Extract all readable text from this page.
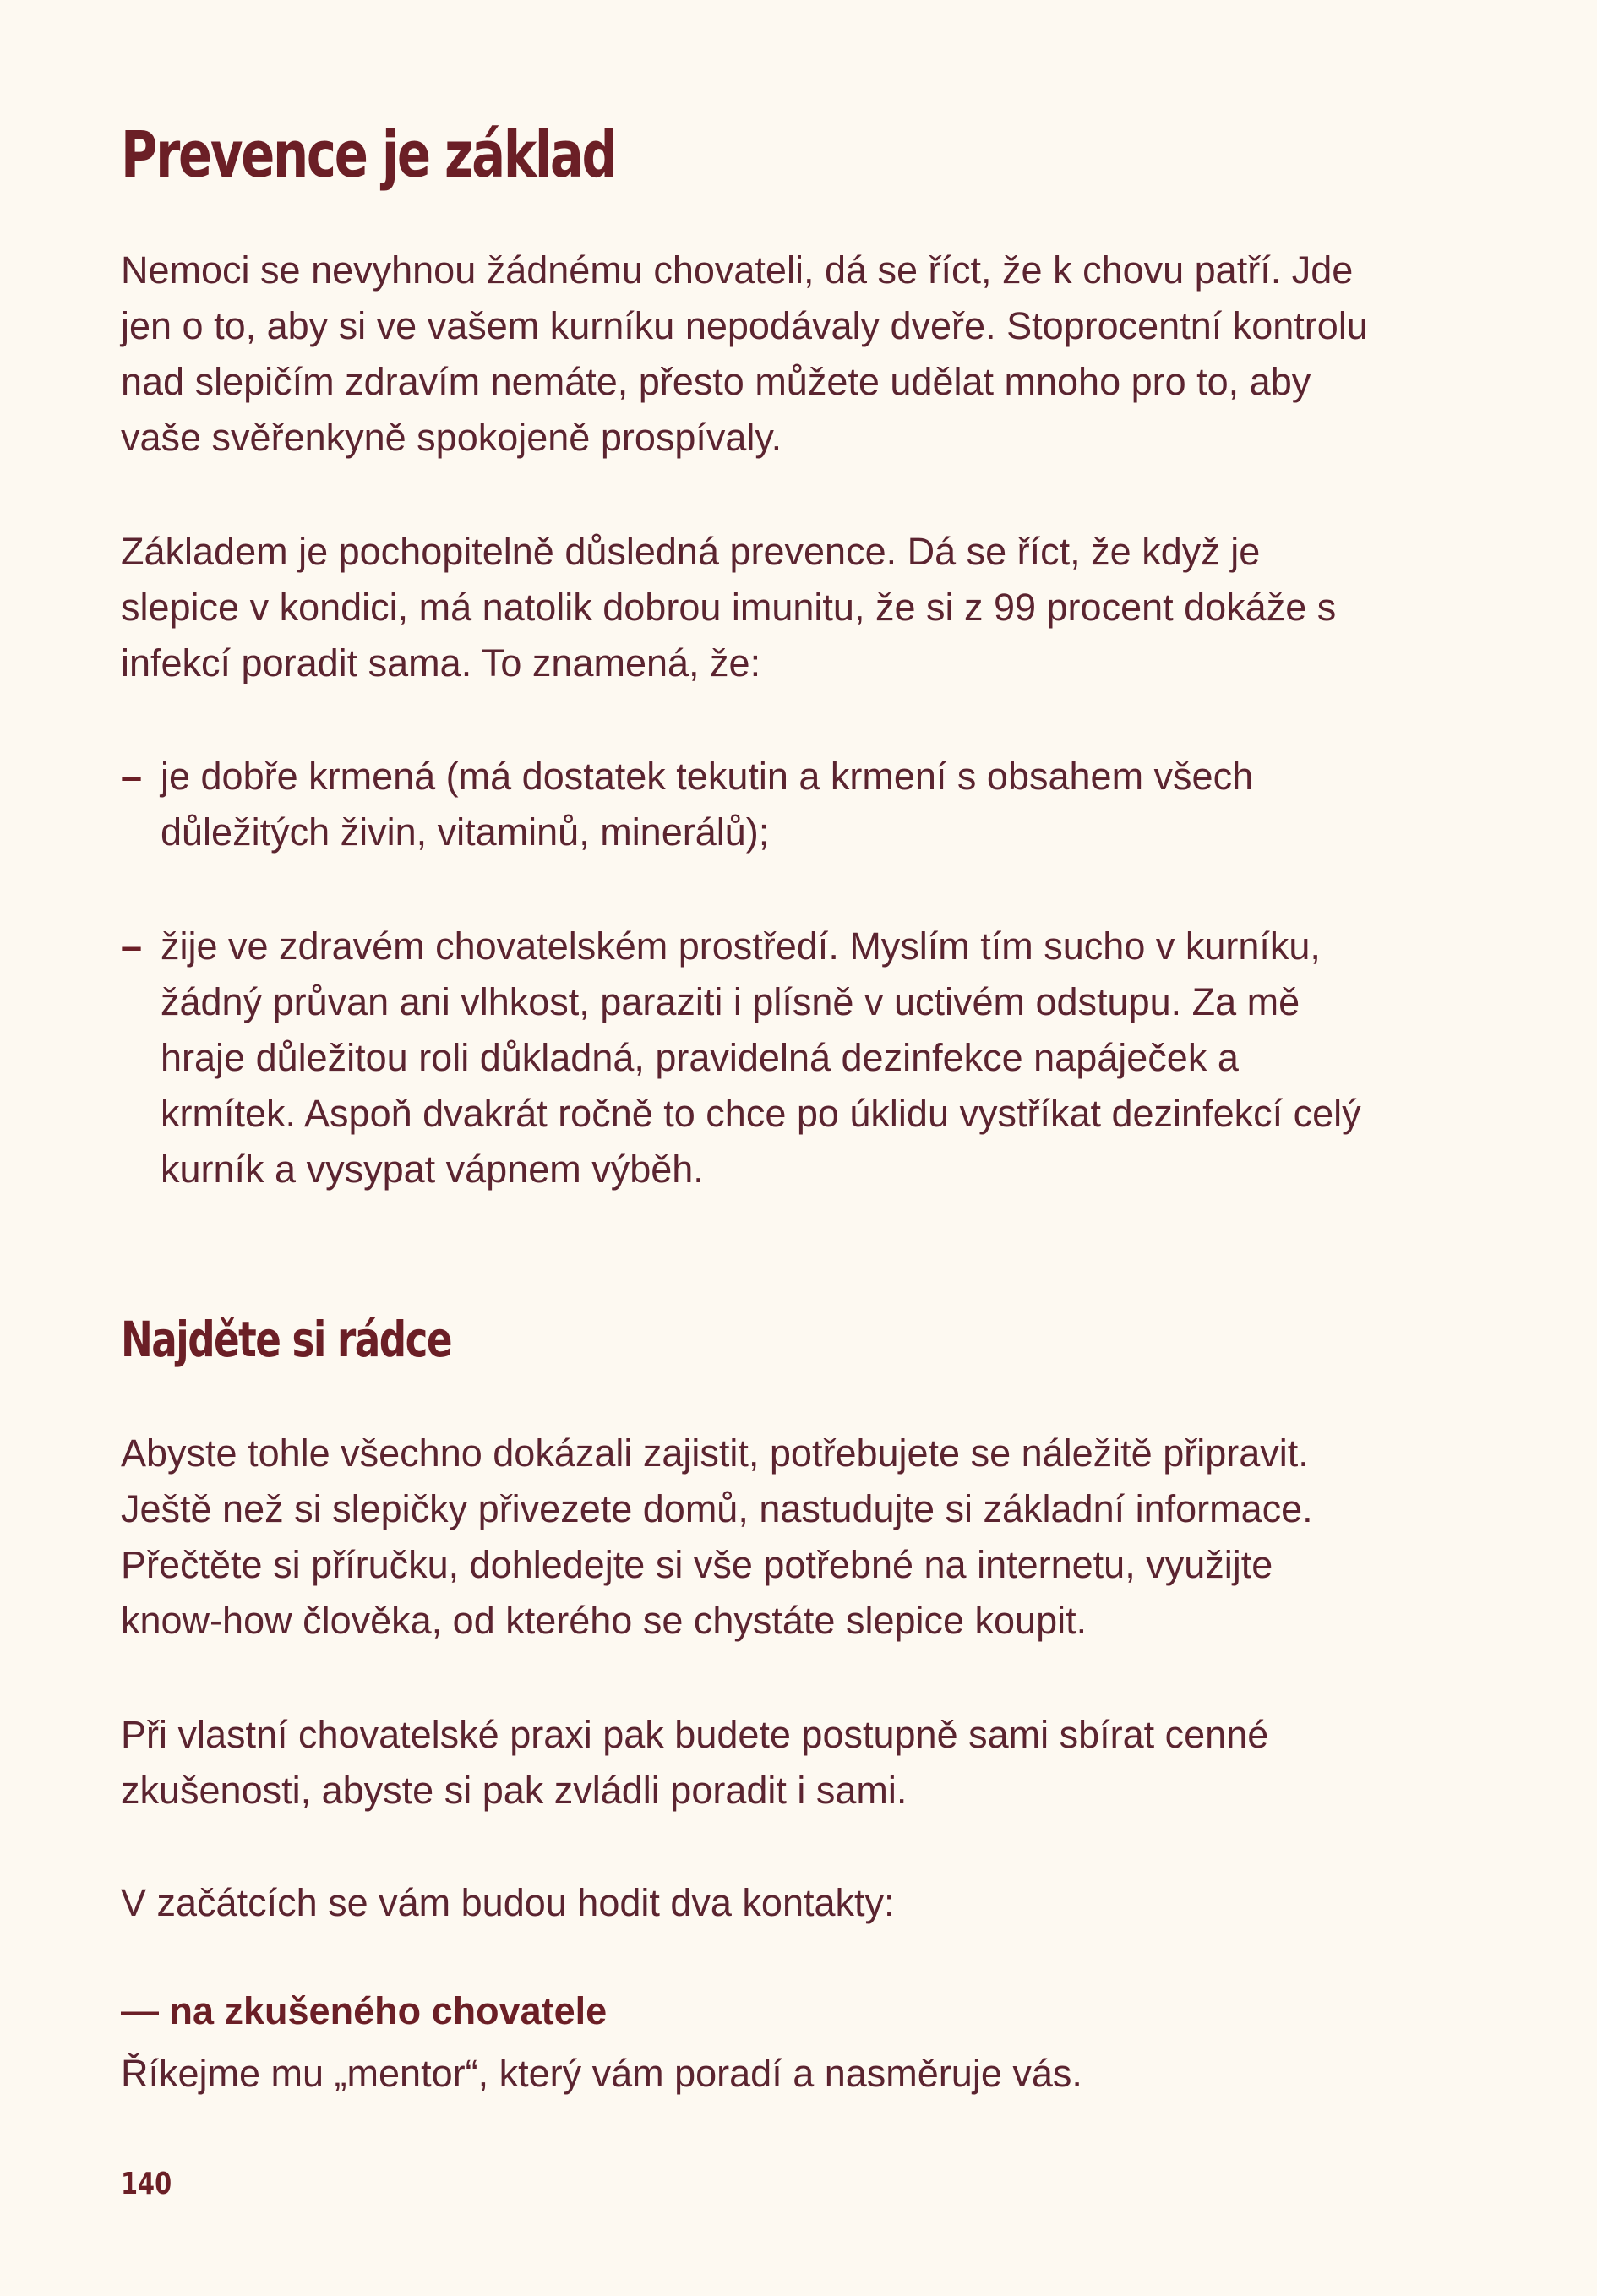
Prevence je základ

Nemoci se nevyhnou žádnému chovateli, dá se říct, že k chovu patří. Jde jen o to, aby si ve vašem kurníku nepodávaly dveře. Stoprocentní kontrolu nad slepičím zdravím nemáte, přesto můžete udělat mnoho pro to, aby vaše svěřenkyně spokojeně prospívaly.

Základem je pochopitelně důsledná prevence. Dá se říct, že když je slepice v kondici, má natolik dobrou imunitu, že si z 99 procent dokáže s infekcí poradit sama. To znamená, že:

– je dobře krmená (má dostatek tekutin a krmení s obsahem všech důležitých živin, vitaminů, minerálů);
– žije ve zdravém chovatelském prostředí. Myslím tím sucho v kurníku, žádný průvan ani vlhkost, paraziti i plísně v uctivém odstupu. Za mě hraje důležitou roli důkladná, pravidelná dezinfekce napáječek a krmítek. Aspoň dvakrát ročně to chce po úklidu vystříkat dezinfekcí celý kurník a vysypat vápnem výběh.
Najděte si rádce

Abyste tohle všechno dokázali zajistit, potřebujete se náležitě připravit. Ještě než si slepičky přivezete domů, nastudujte si základní informace. Přečtěte si příručku, dohledejte si vše potřebné na internetu, využijte know-how člověka, od kterého se chystáte slepice koupit.

Při vlastní chovatelské praxi pak budete postupně sami sbírat cenné zkušenosti, abyste si pak zvládli poradit i sami.

V začátcích se vám budou hodit dva kontakty:

— na zkušeného chovatele

Říkejme mu „mentor“, který vám poradí a nasměruje vás.

140
